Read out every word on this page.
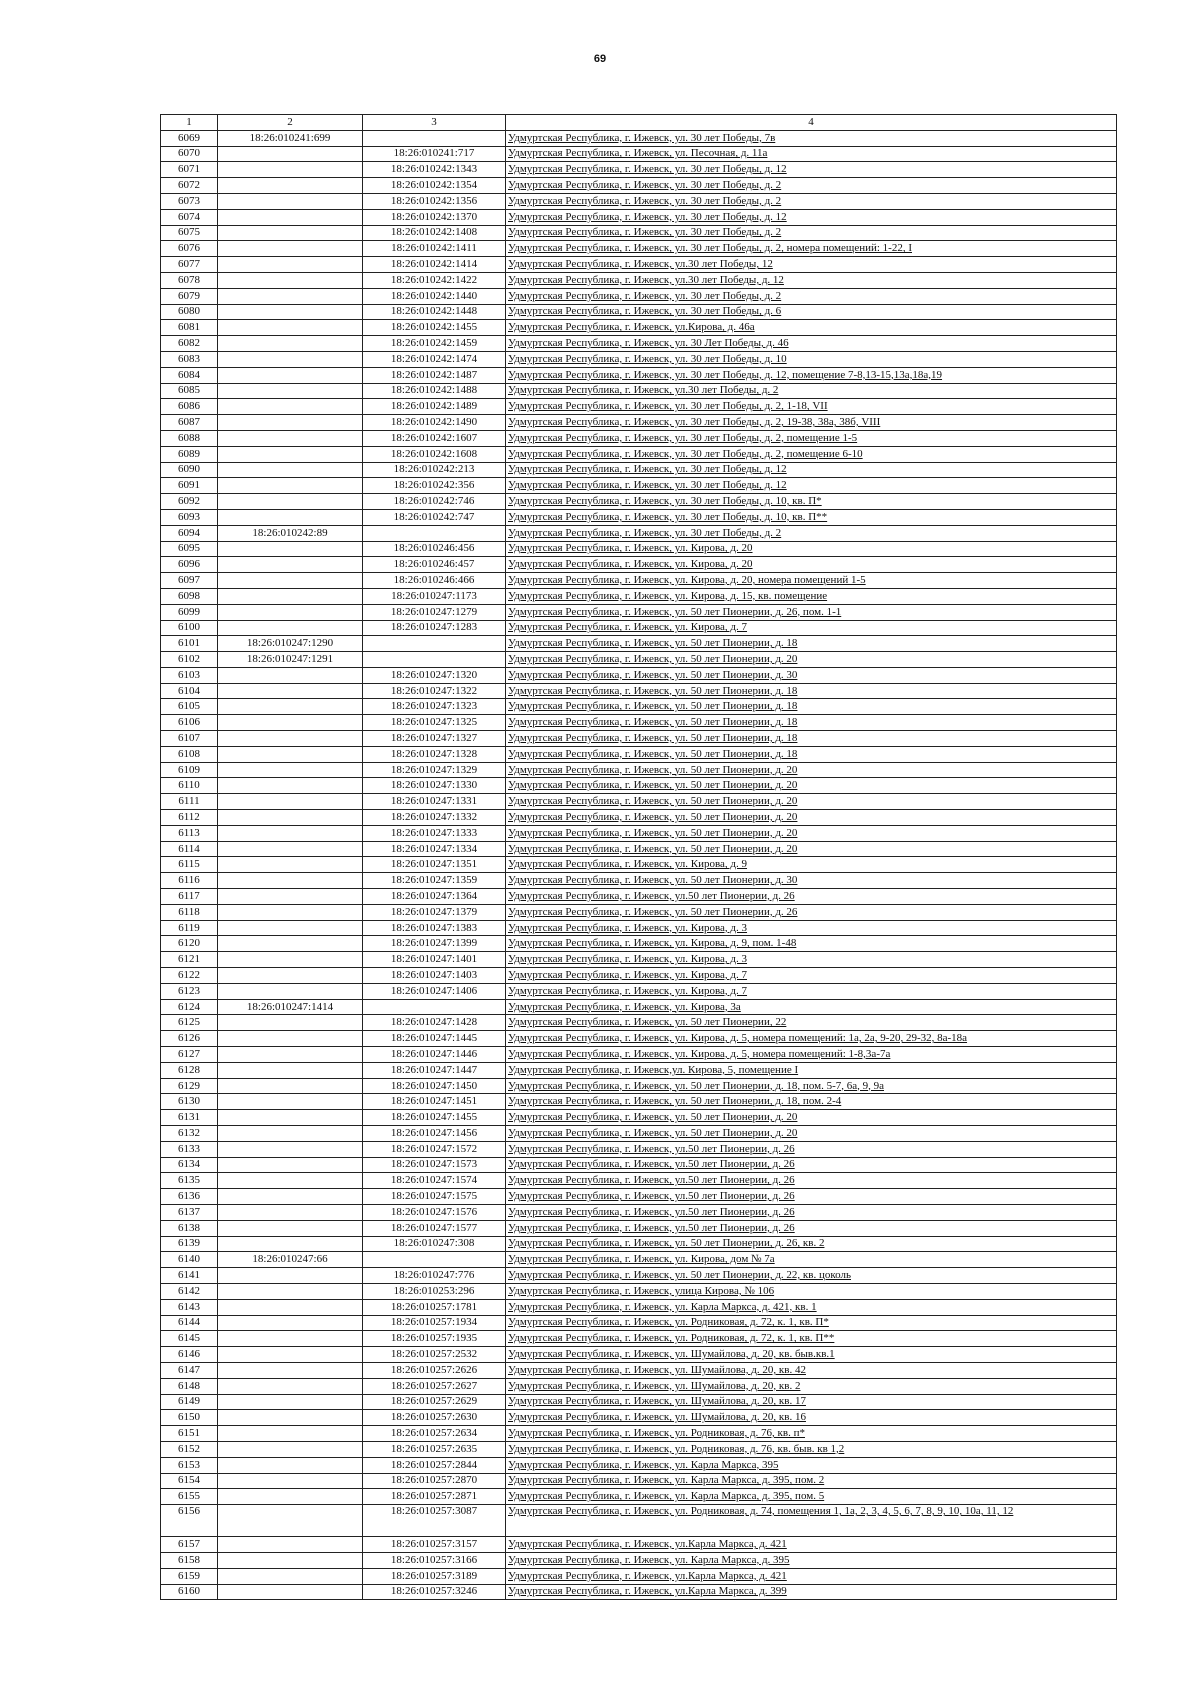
69
1	2	3	4
6069	18:26:010241:699		Удмуртская Республика, г. Ижевск, ул. 30 лет Победы, 7в
6070		18:26:010241:717	Удмуртская Республика, г. Ижевск, ул. Песочная, д. 11а
6071		18:26:010242:1343	Удмуртская Республика, г. Ижевск, ул. 30 лет Победы, д. 12
6072		18:26:010242:1354	Удмуртская Республика, г. Ижевск, ул. 30 лет Победы, д. 2
6073		18:26:010242:1356	Удмуртская Республика, г. Ижевск, ул. 30 лет Победы, д. 2
6074		18:26:010242:1370	Удмуртская Республика, г. Ижевск, ул. 30 лет Победы, д. 12
6075		18:26:010242:1408	Удмуртская Республика, г. Ижевск, ул. 30 лет Победы, д. 2
6076		18:26:010242:1411	Удмуртская Республика, г. Ижевск, ул. 30 лет Победы, д. 2, номера помещений: 1-22, I
6077		18:26:010242:1414	Удмуртская Республика, г. Ижевск, ул.30 лет Победы, 12
6078		18:26:010242:1422	Удмуртская Республика, г. Ижевск, ул.30 лет Победы, д. 12
6079		18:26:010242:1440	Удмуртская Республика, г. Ижевск, ул. 30 лет Победы, д. 2
6080		18:26:010242:1448	Удмуртская Республика, г. Ижевск, ул. 30 лет Победы, д. 6
6081		18:26:010242:1455	Удмуртская Республика, г. Ижевск, ул.Кирова, д. 46а
6082		18:26:010242:1459	Удмуртская Республика, г. Ижевск, ул. 30 Лет Победы, д. 46
6083		18:26:010242:1474	Удмуртская Республика, г. Ижевск, ул. 30 лет Победы, д. 10
6084		18:26:010242:1487	Удмуртская Республика, г. Ижевск, ул. 30 лет Победы, д. 12, помещение 7-8,13-15,13а,18а,19
6085		18:26:010242:1488	Удмуртская Республика, г. Ижевск, ул.30 лет Победы, д. 2
6086		18:26:010242:1489	Удмуртская Республика, г. Ижевск, ул. 30 лет Победы, д. 2, 1-18, VII
6087		18:26:010242:1490	Удмуртская Республика, г. Ижевск, ул. 30 лет Победы, д. 2, 19-38, 38а, 38б, VIII
6088		18:26:010242:1607	Удмуртская Республика, г. Ижевск, ул. 30 лет Победы, д. 2, помещение 1-5
6089		18:26:010242:1608	Удмуртская Республика, г. Ижевск, ул. 30 лет Победы, д. 2, помещение 6-10
6090		18:26:010242:213	Удмуртская Республика, г. Ижевск, ул. 30 лет Победы, д. 12
6091		18:26:010242:356	Удмуртская Республика, г. Ижевск, ул. 30 лет Победы, д. 12
6092		18:26:010242:746	Удмуртская Республика, г. Ижевск, ул. 30 лет Победы, д. 10, кв. П*
6093		18:26:010242:747	Удмуртская Республика, г. Ижевск, ул. 30 лет Победы, д. 10, кв. П**
6094	18:26:010242:89		Удмуртская Республика, г. Ижевск, ул. 30 лет Победы, д. 2
6095		18:26:010246:456	Удмуртская Республика, г. Ижевск, ул. Кирова, д. 20
6096		18:26:010246:457	Удмуртская Республика, г. Ижевск, ул. Кирова, д. 20
6097		18:26:010246:466	Удмуртская Республика, г. Ижевск, ул. Кирова, д. 20, номера помещений 1-5
6098		18:26:010247:1173	Удмуртская Республика, г. Ижевск, ул. Кирова, д. 15, кв. помещение
6099		18:26:010247:1279	Удмуртская Республика, г. Ижевск, ул. 50 лет Пионерии, д. 26, пом. 1-1
6100		18:26:010247:1283	Удмуртская Республика, г. Ижевск, ул. Кирова, д. 7
6101	18:26:010247:1290		Удмуртская Республика, г. Ижевск, ул. 50 лет Пионерии, д. 18
6102	18:26:010247:1291		Удмуртская Республика, г. Ижевск, ул. 50 лет Пионерии, д. 20
6103		18:26:010247:1320	Удмуртская Республика, г. Ижевск, ул. 50 лет Пионерии, д. 30
6104		18:26:010247:1322	Удмуртская Республика, г. Ижевск, ул. 50 лет Пионерии, д. 18
6105		18:26:010247:1323	Удмуртская Республика, г. Ижевск, ул. 50 лет Пионерии, д. 18
6106		18:26:010247:1325	Удмуртская Республика, г. Ижевск, ул. 50 лет Пионерии, д. 18
6107		18:26:010247:1327	Удмуртская Республика, г. Ижевск, ул. 50 лет Пионерии, д. 18
6108		18:26:010247:1328	Удмуртская Республика, г. Ижевск, ул. 50 лет Пионерии, д. 18
6109		18:26:010247:1329	Удмуртская Республика, г. Ижевск, ул. 50 лет Пионерии, д. 20
6110		18:26:010247:1330	Удмуртская Республика, г. Ижевск, ул. 50 лет Пионерии, д. 20
6111		18:26:010247:1331	Удмуртская Республика, г. Ижевск, ул. 50 лет Пионерии, д. 20
6112		18:26:010247:1332	Удмуртская Республика, г. Ижевск, ул. 50 лет Пионерии, д. 20
6113		18:26:010247:1333	Удмуртская Республика, г. Ижевск, ул. 50 лет Пионерии, д. 20
6114		18:26:010247:1334	Удмуртская Республика, г. Ижевск, ул. 50 лет Пионерии, д. 20
6115		18:26:010247:1351	Удмуртская Республика, г. Ижевск, ул. Кирова, д. 9
6116		18:26:010247:1359	Удмуртская Республика, г. Ижевск, ул. 50 лет Пионерии, д. 30
6117		18:26:010247:1364	Удмуртская Республика, г. Ижевск, ул.50 лет Пионерии, д. 26
6118		18:26:010247:1379	Удмуртская Республика, г. Ижевск, ул. 50 лет Пионерии, д. 26
6119		18:26:010247:1383	Удмуртская Республика, г. Ижевск, ул. Кирова, д. 3
6120		18:26:010247:1399	Удмуртская Республика, г. Ижевск, ул. Кирова, д. 9, пом. 1-48
6121		18:26:010247:1401	Удмуртская Республика, г. Ижевск, ул. Кирова, д. 3
6122		18:26:010247:1403	Удмуртская Республика, г. Ижевск, ул. Кирова, д. 7
6123		18:26:010247:1406	Удмуртская Республика, г. Ижевск, ул. Кирова, д. 7
6124	18:26:010247:1414		Удмуртская Республика, г. Ижевск, ул. Кирова, 3а
6125		18:26:010247:1428	Удмуртская Республика, г. Ижевск, ул. 50 лет Пионерии, 22
6126		18:26:010247:1445	Удмуртская Республика, г. Ижевск, ул. Кирова, д. 5, номера помещений: 1а, 2а, 9-20, 29-32, 8а-18а
6127		18:26:010247:1446	Удмуртская Республика, г. Ижевск, ул. Кирова, д. 5, номера помещений: 1-8,3а-7а
6128		18:26:010247:1447	Удмуртская Республика, г. Ижевск,ул. Кирова, 5, помещение I
6129		18:26:010247:1450	Удмуртская Республика, г. Ижевск, ул. 50 лет Пионерии, д. 18, пом. 5-7, 6а, 9, 9а
6130		18:26:010247:1451	Удмуртская Республика, г. Ижевск, ул. 50 лет Пионерии, д. 18, пом. 2-4
6131		18:26:010247:1455	Удмуртская Республика, г. Ижевск, ул. 50 лет Пионерии, д. 20
6132		18:26:010247:1456	Удмуртская Республика, г. Ижевск, ул. 50 лет Пионерии, д. 20
6133		18:26:010247:1572	Удмуртская Республика, г. Ижевск, ул.50 лет Пионерии, д. 26
6134		18:26:010247:1573	Удмуртская Республика, г. Ижевск, ул.50 лет Пионерии, д. 26
6135		18:26:010247:1574	Удмуртская Республика, г. Ижевск, ул.50 лет Пионерии, д. 26
6136		18:26:010247:1575	Удмуртская Республика, г. Ижевск, ул.50 лет Пионерии, д. 26
6137		18:26:010247:1576	Удмуртская Республика, г. Ижевск, ул.50 лет Пионерии, д. 26
6138		18:26:010247:1577	Удмуртская Республика, г. Ижевск, ул.50 лет Пионерии, д. 26
6139		18:26:010247:308	Удмуртская Республика, г. Ижевск, ул. 50 лет Пионерии, д. 26, кв. 2
6140	18:26:010247:66		Удмуртская Республика, г. Ижевск, ул. Кирова, дом № 7а
6141		18:26:010247:776	Удмуртская Республика, г. Ижевск, ул. 50 лет Пионерии, д. 22, кв. цоколь
6142		18:26:010253:296	Удмуртская Республика, г. Ижевск, улица Кирова, № 106
6143		18:26:010257:1781	Удмуртская Республика, г. Ижевск, ул. Карла Маркса, д. 421, кв. 1
6144		18:26:010257:1934	Удмуртская Республика, г. Ижевск, ул. Родниковая, д. 72, к. 1, кв. П*
6145		18:26:010257:1935	Удмуртская Республика, г. Ижевск, ул. Родниковая, д. 72, к. 1, кв. П**
6146		18:26:010257:2532	Удмуртская Республика, г. Ижевск, ул. Шумайлова, д. 20, кв. быв.кв.1
6147		18:26:010257:2626	Удмуртская Республика, г. Ижевск, ул. Шумайлова, д. 20, кв. 42
6148		18:26:010257:2627	Удмуртская Республика, г. Ижевск, ул. Шумайлова, д. 20, кв. 2
6149		18:26:010257:2629	Удмуртская Республика, г. Ижевск, ул. Шумайлова, д. 20, кв. 17
6150		18:26:010257:2630	Удмуртская Республика, г. Ижевск, ул. Шумайлова, д. 20, кв. 16
6151		18:26:010257:2634	Удмуртская Республика, г. Ижевск, ул. Родниковая, д. 76, кв. п*
6152		18:26:010257:2635	Удмуртская Республика, г. Ижевск, ул. Родниковая, д. 76, кв. быв. кв 1,2
6153		18:26:010257:2844	Удмуртская Республика, г. Ижевск, ул. Карла Маркса, 395
6154		18:26:010257:2870	Удмуртская Республика, г. Ижевск, ул. Карла Маркса, д. 395, пом. 2
6155		18:26:010257:2871	Удмуртская Республика, г. Ижевск, ул. Карла Маркса, д. 395, пом. 5
6156		18:26:010257:3087	Удмуртская Республика, г. Ижевск, ул. Родниковая, д. 74, помещения 1, 1а, 2, 3, 4, 5, 6, 7, 8, 9, 10, 10а, 11, 12
6157		18:26:010257:3157	Удмуртская Республика, г. Ижевск, ул.Карла Маркса, д. 421
6158		18:26:010257:3166	Удмуртская Республика, г. Ижевск, ул. Карла Маркса, д. 395
6159		18:26:010257:3189	Удмуртская Республика, г. Ижевск, ул.Карла Маркса, д. 421
6160		18:26:010257:3246	Удмуртская Республика, г. Ижевск, ул.Карла Маркса, д. 399
